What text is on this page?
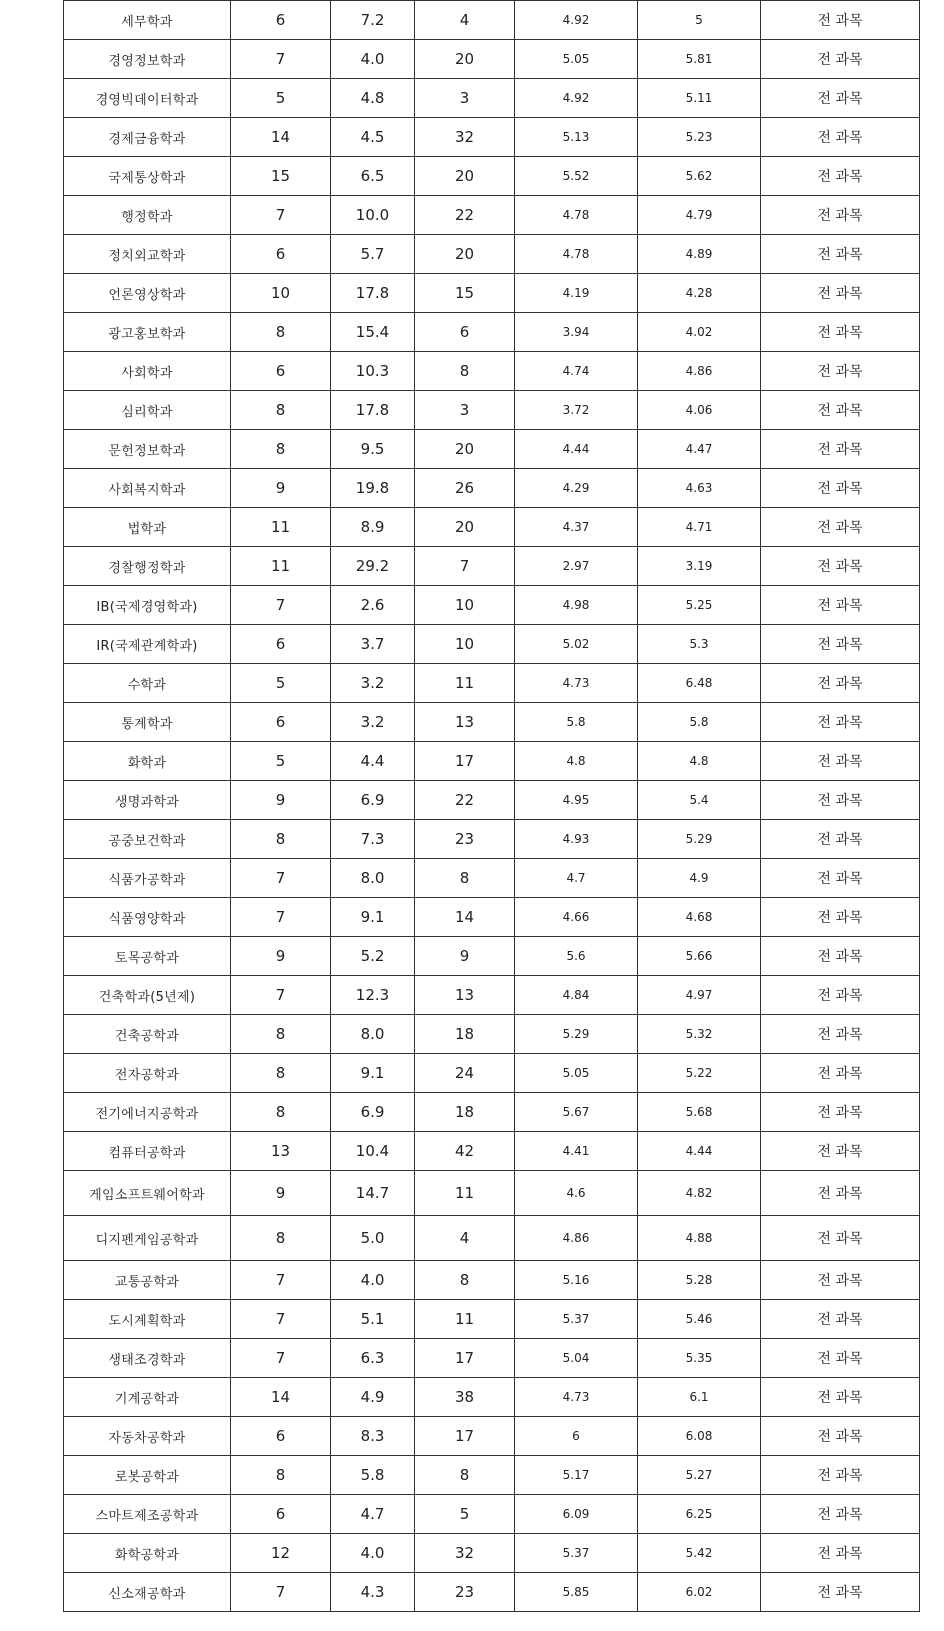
세무학과	6	7.2	4	4.92	5	전 과목
경영정보학과	7	4.0	20	5.05	5.81	전 과목
경영빅데이터학과	5	4.8	3	4.92	5.11	전 과목
경제금융학과	14	4.5	32	5.13	5.23	전 과목
국제통상학과	15	6.5	20	5.52	5.62	전 과목
행정학과	7	10.0	22	4.78	4.79	전 과목
정치외교학과	6	5.7	20	4.78	4.89	전 과목
언론영상학과	10	17.8	15	4.19	4.28	전 과목
광고홍보학과	8	15.4	6	3.94	4.02	전 과목
사회학과	6	10.3	8	4.74	4.86	전 과목
심리학과	8	17.8	3	3.72	4.06	전 과목
문헌정보학과	8	9.5	20	4.44	4.47	전 과목
사회복지학과	9	19.8	26	4.29	4.63	전 과목
법학과	11	8.9	20	4.37	4.71	전 과목
경찰행정학과	11	29.2	7	2.97	3.19	전 과목
IB(국제경영학과)	7	2.6	10	4.98	5.25	전 과목
IR(국제관계학과)	6	3.7	10	5.02	5.3	전 과목
수학과	5	3.2	11	4.73	6.48	전 과목
통계학과	6	3.2	13	5.8	5.8	전 과목
화학과	5	4.4	17	4.8	4.8	전 과목
생명과학과	9	6.9	22	4.95	5.4	전 과목
공중보건학과	8	7.3	23	4.93	5.29	전 과목
식품가공학과	7	8.0	8	4.7	4.9	전 과목
식품영양학과	7	9.1	14	4.66	4.68	전 과목
토목공학과	9	5.2	9	5.6	5.66	전 과목
건축학과(5년제)	7	12.3	13	4.84	4.97	전 과목
건축공학과	8	8.0	18	5.29	5.32	전 과목
전자공학과	8	9.1	24	5.05	5.22	전 과목
전기에너지공학과	8	6.9	18	5.67	5.68	전 과목
컴퓨터공학과	13	10.4	42	4.41	4.44	전 과목
게임소프트웨어학과	9	14.7	11	4.6	4.82	전 과목
디지펜게임공학과	8	5.0	4	4.86	4.88	전 과목
교통공학과	7	4.0	8	5.16	5.28	전 과목
도시계획학과	7	5.1	11	5.37	5.46	전 과목
생태조경학과	7	6.3	17	5.04	5.35	전 과목
기계공학과	14	4.9	38	4.73	6.1	전 과목
자동차공학과	6	8.3	17	6	6.08	전 과목
로봇공학과	8	5.8	8	5.17	5.27	전 과목
스마트제조공학과	6	4.7	5	6.09	6.25	전 과목
화학공학과	12	4.0	32	5.37	5.42	전 과목
신소재공학과	7	4.3	23	5.85	6.02	전 과목
